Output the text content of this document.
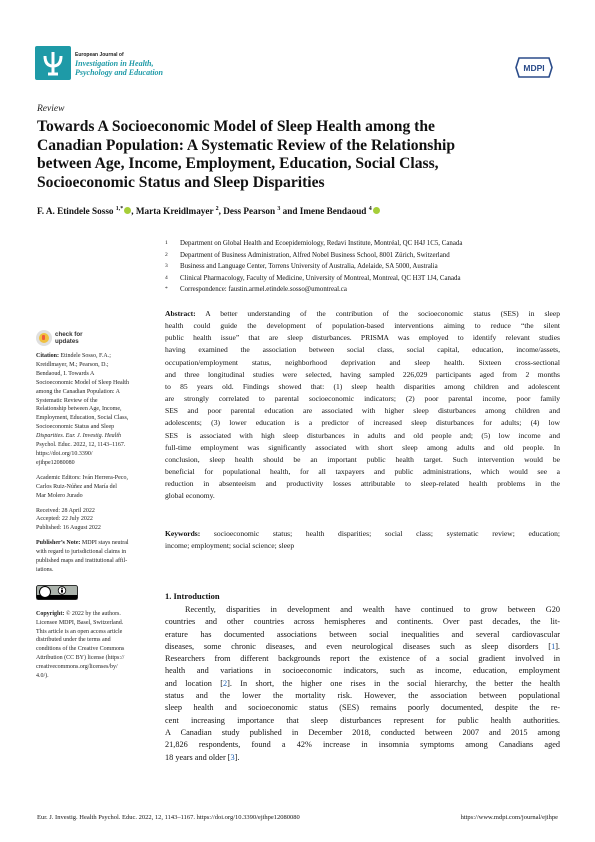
European Journal of
Investigation in Health,
Psychology and Education	MDPI
Review
Towards A Socioeconomic Model of Sleep Health among the
Canadian Population: A Systematic Review of the Relationship
between Age, Income, Employment, Education, Social Class,
Socioeconomic Status and Sleep Disparities
F. A. Etindele Sosso $^{1,*}$ , Marta Kreidlmayer $^2$, Dess Pearson $^3$ and Imene Bendaoud $^4$
1	Department on Global Health and Ecoepidemiology, Redavi Institute, Montréal, QC H4J 1C5, Canada
2	Department of Business Administration, Alfred Nobel Business School, 8001 Zürich, Switzerland
3	Business and Language Center, Torrens University of Australia, Adelaide, SA 5000, Australia
4	Clinical Pharmacology, Faculty of Medicine, University of Montreal, Montreal, QC H3T 1J4, Canada
*	Correspondence: faustin.armel.etindele.sosso@umontreal.ca
check for
updates
Citation: Etindele Sosso, F.A.;
Kreidlmayer, M.; Pearson, D.;
Bendaoud, I. Towards A
Socioeconomic Model of Sleep Health
among the Canadian Population: A
Systematic Review of the
Relationship between Age, Income,
Employment, Education, Social Class,
Socioeconomic Status and Sleep
Disparities. Eur. J. Investig. Health
Psychol. Educ. 2022, 12, 1143–1167.
https://doi.org/10.3390/
ejihpe12080080
Academic Editors: Iván Herrera-Peco,
Carlos Ruiz-Núñez and María del
Mar Molero Jurado
Received: 28 April 2022
Accepted: 22 July 2022
Published: 16 August 2022
Publisher’s Note: MDPI stays neutral
with regard to jurisdictional claims in
published maps and institutional affil-
iations.
Copyright: © 2022 by the authors.
Licensee MDPI, Basel, Switzerland.
This article is an open access article
distributed under the terms and
conditions of the Creative Commons
Attribution (CC BY) license (https://
creativecommons.org/licenses/by/
4.0/).
Abstract: A better understanding of the contribution of the socioeconomic status (SES) in sleep
health could guide the development of population-based interventions aiming to reduce “the silent
public health issue” that are sleep disturbances. PRISMA was employed to identify relevant studies
having examined the association between social class, social capital, education, income/assets,
occupation/employment status, neighborhood deprivation and sleep health. Sixteen cross-sectional
and three longitudinal studies were selected, having sampled 226,029 participants aged from 2 months
to 85 years old. Findings showed that: (1) sleep health disparities among children and adolescent
are strongly correlated to parental socioeconomic indicators; (2) poor parental income, poor family
SES and poor parental education are associated with higher sleep disturbances among children and
adolescents; (3) lower education is a predictor of increased sleep disturbances for adults; (4) low
SES is associated with high sleep disturbances in adults and old people and; (5) low income and
full-time employment was significantly associated with short sleep among adults and old people. In
conclusion, sleep health should be an important public health target. Such intervention would be
beneficial for populational health, for all taxpayers and public administrations, which would see a
reduction in absenteeism and productivity losses attributable to sleep-related health problems in the
global economy.
Keywords: socioeconomic status; health disparities; social class; systematic review; education;
income; employment; social science; sleep
1. Introduction
Recently, disparities in development and wealth have continued to grow between G20
countries and other countries across hemispheres and continents. Over past decades, the lit-
erature has documented associations between social inequalities and several cardiovascular
diseases, some chronic diseases, and even neurological diseases such as sleep disorders [1].
Researchers from different backgrounds report the existence of a social gradient involved in
health and variations in socioeconomic indicators, such as income, education, employment
and location [2]. In short, the higher one rises in the social hierarchy, the better the health
status and the lower the mortality risk. However, the association between populational
sleep health and socioeconomic status (SES) remains poorly documented, despite the re-
cent increasing importance that sleep disturbances represent for public health authorities.
A Canadian study published in December 2018, conducted between 2007 and 2015 among
21,826 respondents, found a 42% increase in insomnia symptoms among Canadians aged
18 years and older [3].
Eur. J. Investig. Health Psychol. Educ. 2022, 12, 1143–1167. https://doi.org/10.3390/ejihpe12080080	https://www.mdpi.com/journal/ejihpe
